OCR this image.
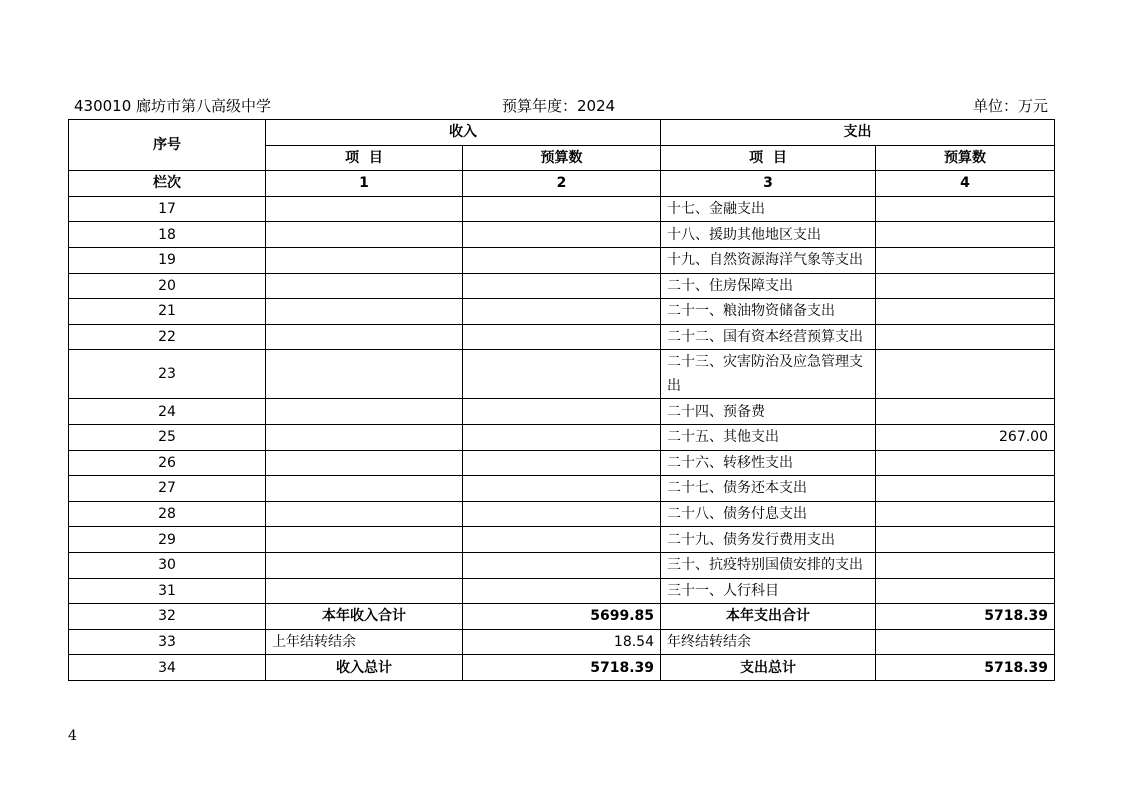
430010 廊坊市第八高级中学	预算年度：2024	单位：万元
序号	收入		支出	
	项  目	预算数	项  目	预算数
栏次	1	2	3	4
17			十七、金融支出	
18			十八、援助其他地区支出	
19			十九、自然资源海洋气象等支出	
20			二十、住房保障支出	
21			二十一、粮油物资储备支出	
22			二十二、国有资本经营预算支出	
23			二十三、灾害防治及应急管理支出	
24			二十四、预备费	
25			二十五、其他支出	267.00
26			二十六、转移性支出	
27			二十七、债务还本支出	
28			二十八、债务付息支出	
29			二十九、债务发行费用支出	
30			三十、抗疫特别国债安排的支出	
31			三十一、人行科目	
32	本年收入合计	5699.85	本年支出合计	5718.39
33	上年结转结余	18.54	年终结转结余	
34	收入总计	5718.39	支出总计	5718.39
4
